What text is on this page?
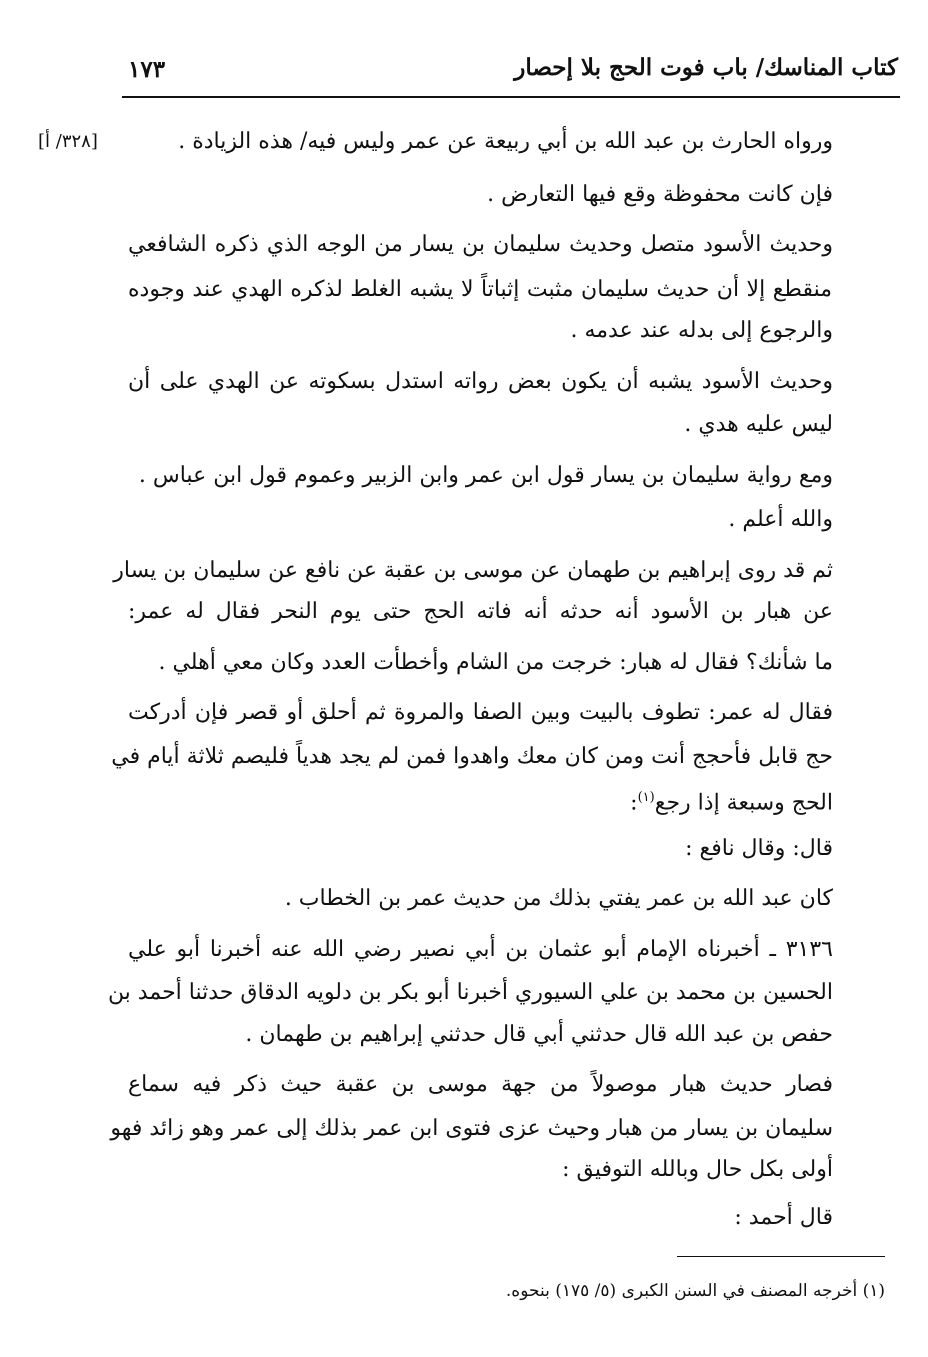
كتاب المناسك/ باب فوت الحج بلا إحصار
١٧٣
[٣٢٨/ أ]	ورواه الحارث بن عبد الله بن أبي ربيعة عن عمر وليس فيه/ هذه الزيادة .
فإن كانت محفوظة وقع فيها التعارض .
وحديث الأسود متصل وحديث سليمان بن يسار من الوجه الذي ذكره الشافعي
منقطع إلا أن حديث سليمان مثبت إثباتاً لا يشبه الغلط لذكره الهدي عند وجوده
والرجوع إلى بدله عند عدمه .
وحديث الأسود يشبه أن يكون بعض رواته استدل بسكوته عن الهدي على أن
ليس عليه هدي .
ومع رواية سليمان بن يسار قول ابن عمر وابن الزبير وعموم قول ابن عباس .
والله أعلم .
ثم قد روى إبراهيم بن طهمان عن موسى بن عقبة عن نافع عن سليمان بن يسار
عن هبار بن الأسود أنه حدثه أنه فاته الحج حتى يوم النحر فقال له عمر:
ما شأنك؟ فقال له هبار: خرجت من الشام وأخطأت العدد وكان معي أهلي .
فقال له عمر: تطوف بالبيت وبين الصفا والمروة ثم أحلق أو قصر فإن أدركت
حج قابل فأحجج أنت ومن كان معك واهدوا فمن لم يجد هدياً فليصم ثلاثة أيام في
الحج وسبعة إذا رجع$^{(١)}$:
قال: وقال نافع :
كان عبد الله بن عمر يفتي بذلك من حديث عمر بن الخطاب .
٣١٣٦ ـ أخبرناه الإمام أبو عثمان بن أبي نصير رضي الله عنه أخبرنا أبو علي
الحسين بن محمد بن علي السيوري أخبرنا أبو بكر بن دلويه الدقاق حدثنا أحمد بن
حفص بن عبد الله قال حدثني أبي قال حدثني إبراهيم بن طهمان .
فصار حديث هبار موصولاً من جهة موسى بن عقبة حيث ذكر فيه سماع
سليمان بن يسار من هبار وحيث عزى فتوى ابن عمر بذلك إلى عمر وهو زائد فهو
أولى بكل حال وبالله التوفيق :
قال أحمد :
(١) أخرجه المصنف في السنن الكبرى (٥/ ١٧٥) بنحوه.
